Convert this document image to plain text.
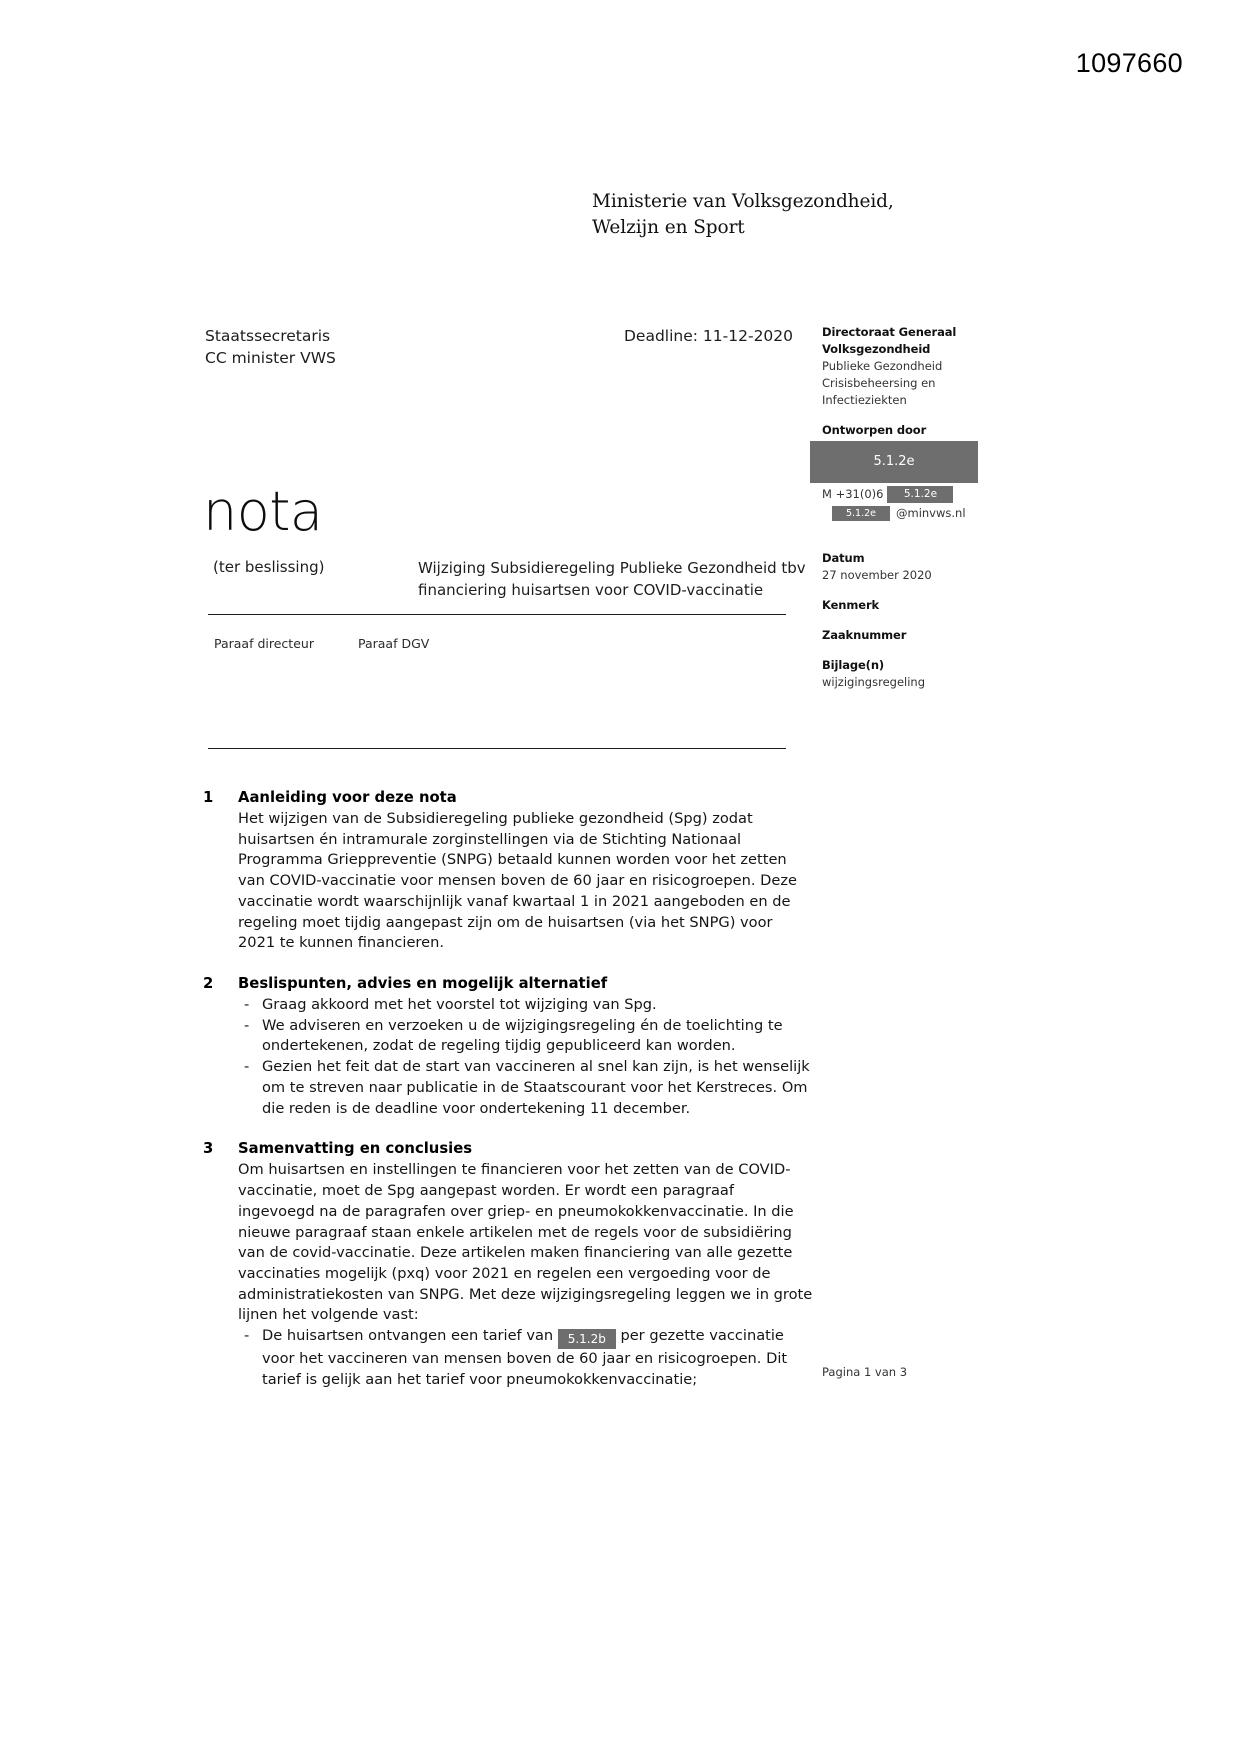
1097660
Ministerie van Volksgezondheid,
Welzijn en Sport
Staatssecretaris
CC minister VWS
Deadline: 11-12-2020	Directoraat Generaal
Volksgezondheid
Publieke Gezondheid
Crisisbeheersing en
Infectieziekten
Ontworpen door
5.1.2e
M +31(0)6	5.1.2e
5.1.2e	@minvws.nl
Datum
27 november 2020
Kenmerk
Zaaknummer
Bijlage(n)
wijzigingsregeling
nota
(ter beslissing)	Wijziging Subsidieregeling Publieke Gezondheid tbv
financiering huisartsen voor COVID-vaccinatie
Paraaf directeur	Paraaf DGV
1	Aanleiding voor deze nota

Het wijzigen van de Subsidieregeling publieke gezondheid (Spg) zodat huisartsen én intramurale zorginstellingen via de Stichting Nationaal Programma Grieppreventie (SNPG) betaald kunnen worden voor het zetten van COVID-vaccinatie voor mensen boven de 60 jaar en risicogroepen. Deze vaccinatie wordt waarschijnlijk vanaf kwartaal 1 in 2021 aangeboden en de regeling moet tijdig aangepast zijn om de huisartsen (via het SNPG) voor 2021 te kunnen financieren.

2	Beslispunten, advies en mogelijk alternatief
- Graag akkoord met het voorstel tot wijziging van Spg.
- We adviseren en verzoeken u de wijzigingsregeling én de toelichting te ondertekenen, zodat de regeling tijdig gepubliceerd kan worden.
- Gezien het feit dat de start van vaccineren al snel kan zijn, is het wenselijk om te streven naar publicatie in de Staatscourant voor het Kerstreces. Om die reden is de deadline voor ondertekening 11 december.
3	Samenvatting en conclusies

Om huisartsen en instellingen te financieren voor het zetten van de COVID-vaccinatie, moet de Spg aangepast worden. Er wordt een paragraaf ingevoegd na de paragrafen over griep- en pneumokokkenvaccinatie. In die nieuwe paragraaf staan enkele artikelen met de regels voor de subsidiëring van de covid-vaccinatie. Deze artikelen maken financiering van alle gezette vaccinaties mogelijk (pxq) voor 2021 en regelen een vergoeding voor de administratiekosten van SNPG. Met deze wijzigingsregeling leggen we in grote lijnen het volgende vast:

- De huisartsen ontvangen een tarief van 5.1.2b per gezette vaccinatie voor het vaccineren van mensen boven de 60 jaar en risicogroepen. Dit tarief is gelijk aan het tarief voor pneumokokkenvaccinatie;	Pagina 1 van 3
